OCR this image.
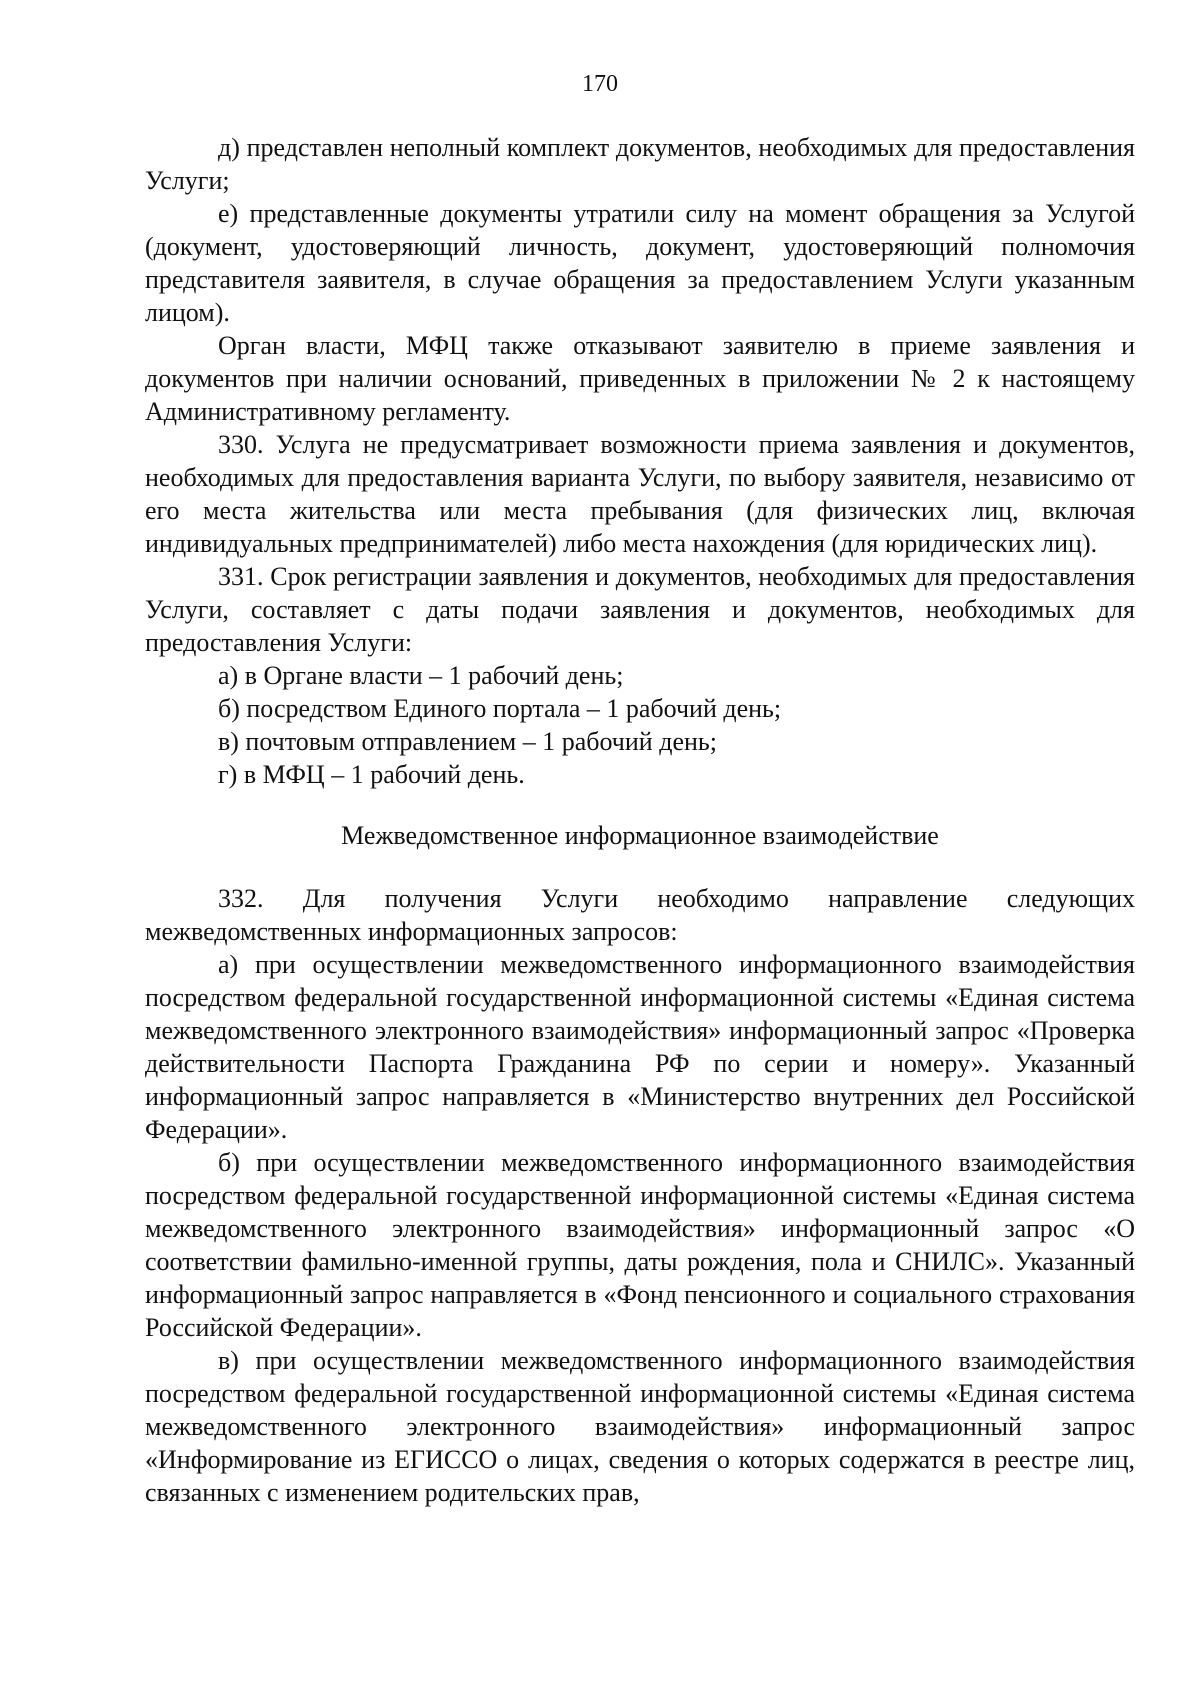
170

д) представлен неполный комплект документов, необходимых для предоставления Услуги;

е) представленные документы утратили силу на момент обращения за Услугой (документ, удостоверяющий личность, документ, удостоверяющий полномочия представителя заявителя, в случае обращения за предоставлением Услуги указанным лицом).

Орган власти, МФЦ также отказывают заявителю в приеме заявления и документов при наличии оснований, приведенных в приложении № 2 к настоящему Административному регламенту.

330. Услуга не предусматривает возможности приема заявления и документов, необходимых для предоставления варианта Услуги, по выбору заявителя, независимо от его места жительства или места пребывания (для физических лиц, включая индивидуальных предпринимателей) либо места нахождения (для юридических лиц).

331. Срок регистрации заявления и документов, необходимых для предоставления Услуги, составляет с даты подачи заявления и документов, необходимых для предоставления Услуги:

а) в Органе власти – 1 рабочий день;

б) посредством Единого портала – 1 рабочий день;

в) почтовым отправлением – 1 рабочий день;

г) в МФЦ – 1 рабочий день.

Межведомственное информационное взаимодействие

332. Для получения Услуги необходимо направление следующих межведомственных информационных запросов:

а) при осуществлении межведомственного информационного взаимодействия посредством федеральной государственной информационной системы «Единая система межведомственного электронного взаимодействия» информационный запрос «Проверка действительности Паспорта Гражданина РФ по серии и номеру». Указанный информационный запрос направляется в «Министерство внутренних дел Российской Федерации».

б) при осуществлении межведомственного информационного взаимодействия посредством федеральной государственной информационной системы «Единая система межведомственного электронного взаимодействия» информационный запрос «О соответствии фамильно-именной группы, даты рождения, пола и СНИЛС». Указанный информационный запрос направляется в «Фонд пенсионного и социального страхования Российской Федерации».

в) при осуществлении межведомственного информационного взаимодействия посредством федеральной государственной информационной системы «Единая система межведомственного электронного взаимодействия» информационный запрос «Информирование из ЕГИССО о лицах, сведения о которых содержатся в реестре лиц, связанных с изменением родительских прав,
